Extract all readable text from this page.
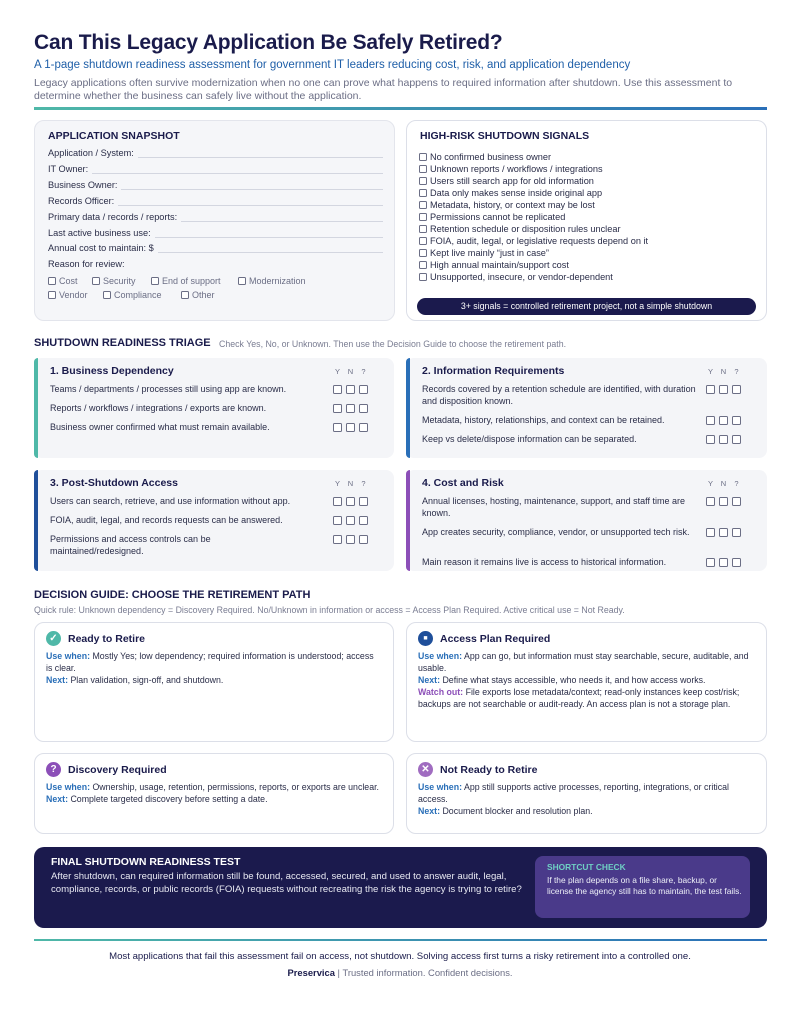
Can This Legacy Application Be Safely Retired?
A 1-page shutdown readiness assessment for government IT leaders reducing cost, risk, and application dependency
Legacy applications often survive modernization when no one can prove what happens to required information after shutdown. Use this assessment to determine whether the business can safely live without the application.
APPLICATION SNAPSHOT
Application / System:
IT Owner:
Business Owner:
Records Officer:
Primary data / records / reports:
Last active business use:
Annual cost to maintain: $
Reason for review:
Cost	Security	End of support	Modernization
Vendor	Compliance	Other
HIGH-RISK SHUTDOWN SIGNALS
No confirmed business owner
Unknown reports / workflows / integrations
Users still search app for old information
Data only makes sense inside original app
Metadata, history, or context may be lost
Permissions cannot be replicated
Retention schedule or disposition rules unclear
FOIA, audit, legal, or legislative requests depend on it
Kept live mainly “just in case”
High annual maintain/support cost
Unsupported, insecure, or vendor-dependent
3+ signals = controlled retirement project, not a simple shutdown
SHUTDOWN READINESS TRIAGE Check Yes, No, or Unknown. Then use the Decision Guide to choose the retirement path.
1. Business Dependency	Y N ?
Teams / departments / processes still using app are known.
Reports / workflows / integrations / exports are known.
Business owner confirmed what must remain available.
2. Information Requirements	Y N ?
Records covered by a retention schedule are identified, with duration and disposition known.
Metadata, history, relationships, and context can be retained.
Keep vs delete/dispose information can be separated.
3. Post-Shutdown Access	Y N ?
Users can search, retrieve, and use information without app.
FOIA, audit, legal, and records requests can be answered.
Permissions and access controls can be maintained/redesigned.
4. Cost and Risk	Y N ?
Annual licenses, hosting, maintenance, support, and staff time are known.
App creates security, compliance, vendor, or unsupported tech risk.
Main reason it remains live is access to historical information.
DECISION GUIDE: CHOOSE THE RETIREMENT PATH
Quick rule: Unknown dependency = Discovery Required. No/Unknown in information or access = Access Plan Required. Active critical use = Not Ready.
✓ Ready to Retire

Use when: Mostly Yes; low dependency; required information is understood; access is clear.

Next: Plan validation, sign-off, and shutdown.

■	Access Plan Required

Use when: App can go, but information must stay searchable, secure, auditable, and usable.

Next: Define what stays accessible, who needs it, and how access works.

Watch out: File exports lose metadata/context; read-only instances keep cost/risk; backups are not searchable or audit-ready. An access plan is not a storage plan.

?	Discovery Required

Use when: Ownership, usage, retention, permissions, reports, or exports are unclear.

Next: Complete targeted discovery before setting a date.

✕ Not Ready to Retire

Use when: App still supports active processes, reporting, integrations, or critical access.

Next: Document blocker and resolution plan.

FINAL SHUTDOWN READINESS TEST
After shutdown, can required information still be found, accessed, secured, and used to answer audit, legal, compliance, records, or public records (FOIA) requests without recreating the risk the agency is trying to retire?
SHORTCUT CHECK
If the plan depends on a file share, backup, or license the agency still has to maintain, the test fails.
Most applications that fail this assessment fail on access, not shutdown. Solving access first turns a risky retirement into a controlled one.
Preservica | Trusted information. Confident decisions.
